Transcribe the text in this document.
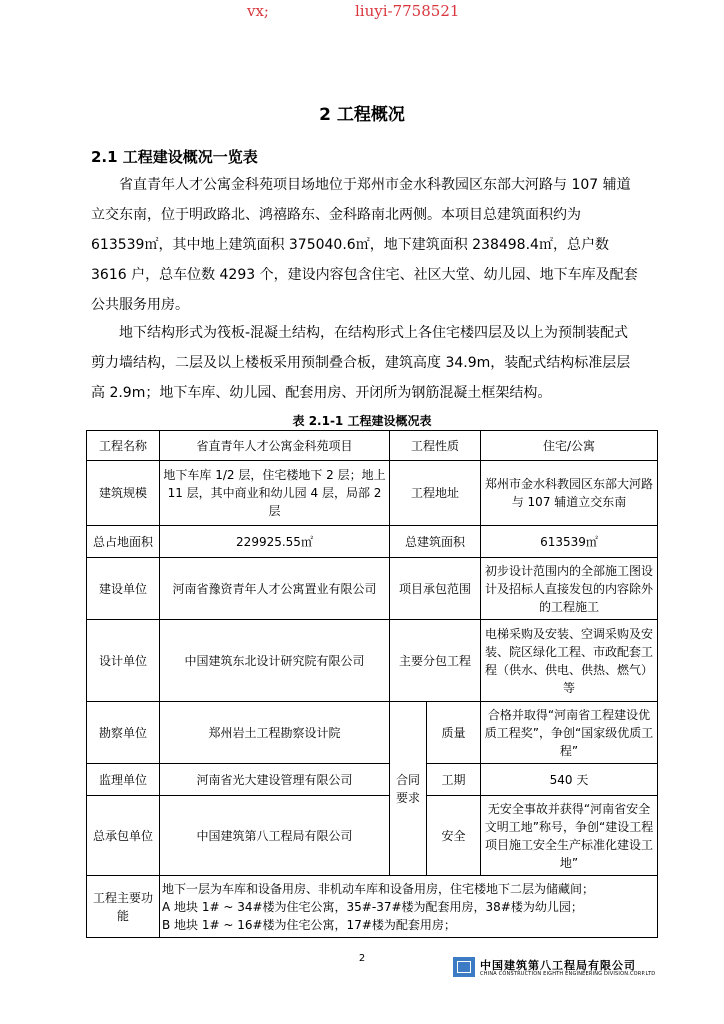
vx;	liuyi-7758521
2 工程概况
2.1 工程建设概况一览表
省直青年人才公寓金科苑项目场地位于郑州市金水科教园区东部大河路与 107 辅道
立交东南，位于明政路北、鸿禧路东、金科路南北两侧。本项目总建筑面积约为
613539㎡，其中地上建筑面积 375040.6㎡，地下建筑面积 238498.4㎡，总户数
3616 户，总车位数 4293 个，建设内容包含住宅、社区大堂、幼儿园、地下车库及配套
公共服务用房。
地下结构形式为筏板-混凝土结构，在结构形式上各住宅楼四层及以上为预制装配式
剪力墙结构，二层及以上楼板采用预制叠合板，建筑高度 34.9m，装配式结构标准层层
高 2.9m；地下车库、幼儿园、配套用房、开闭所为钢筋混凝土框架结构。
表 2.1-1 工程建设概况表
工程名称	省直青年人才公寓金科苑项目	工程性质		住宅/公寓
建筑规模	地下车库 1/2 层，住宅楼地下 2 层；地上 11 层，其中商业和幼儿园 4 层，局部 2 层	工程地址		郑州市金水科教园区东部大河路与 107 辅道立交东南
总占地面积	229925.55㎡	总建筑面积		613539㎡
建设单位	河南省豫资青年人才公寓置业有限公司	项目承包范围		初步设计范围内的全部施工图设计及招标人直接发包的内容除外的工程施工
设计单位	中国建筑东北设计研究院有限公司	主要分包工程		电梯采购及安装、空调采购及安装、院区绿化工程、市政配套工程（供水、供电、供热、燃气）等
勘察单位	郑州岩土工程勘察设计院	合同要求	质量	合格并取得“河南省工程建设优质工程奖”，争创“国家级优质工程”
监理单位	河南省光大建设管理有限公司		工期	540 天
总承包单位	中国建筑第八工程局有限公司		安全	无安全事故并获得“河南省安全文明工地”称号，争创“建设工程项目施工安全生产标准化建设工地”
工程主要功能	地下一层为车库和设备用房、非机动车库和设备用房，住宅楼地下二层为储藏间；
A 地块 1# ~ 34#楼为住宅公寓，35#-37#楼为配套用房，38#楼为幼儿园；
B 地块 1# ~ 16#楼为住宅公寓，17#楼为配套用房；			
2
中国建筑第八工程局有限公司
CHINA CONSTRUCTION EIGHTH ENGINEERING DIVISION.CORP.LTD
